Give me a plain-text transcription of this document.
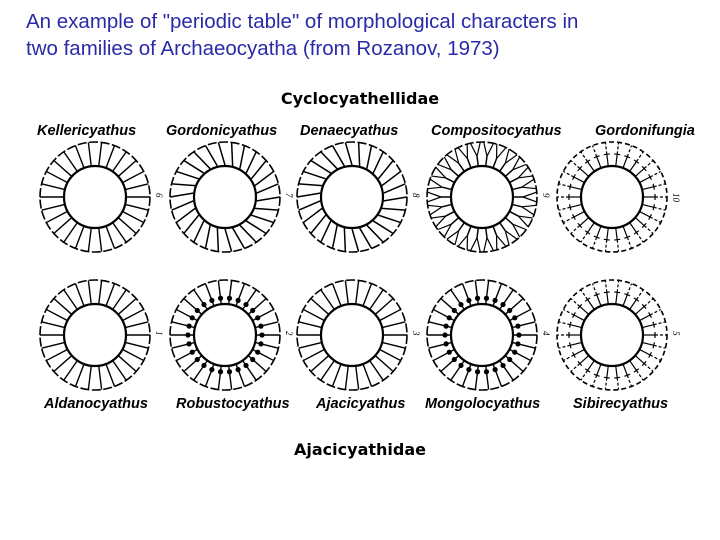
An example of "periodic table" of morphological characters in
two families of Archaeocyatha (from Rozanov, 1973)
Cyclocyathellidae
Kellericyathus Gordonicyathus Denaecyathus Compositocyathus Gordonifungia
6	7	8	9	10
1	2	3	4	5
Aldanocyathus Robustocyathus Ajacicyathus Mongolocyathus Sibirecyathus
Ajacicyathidae
